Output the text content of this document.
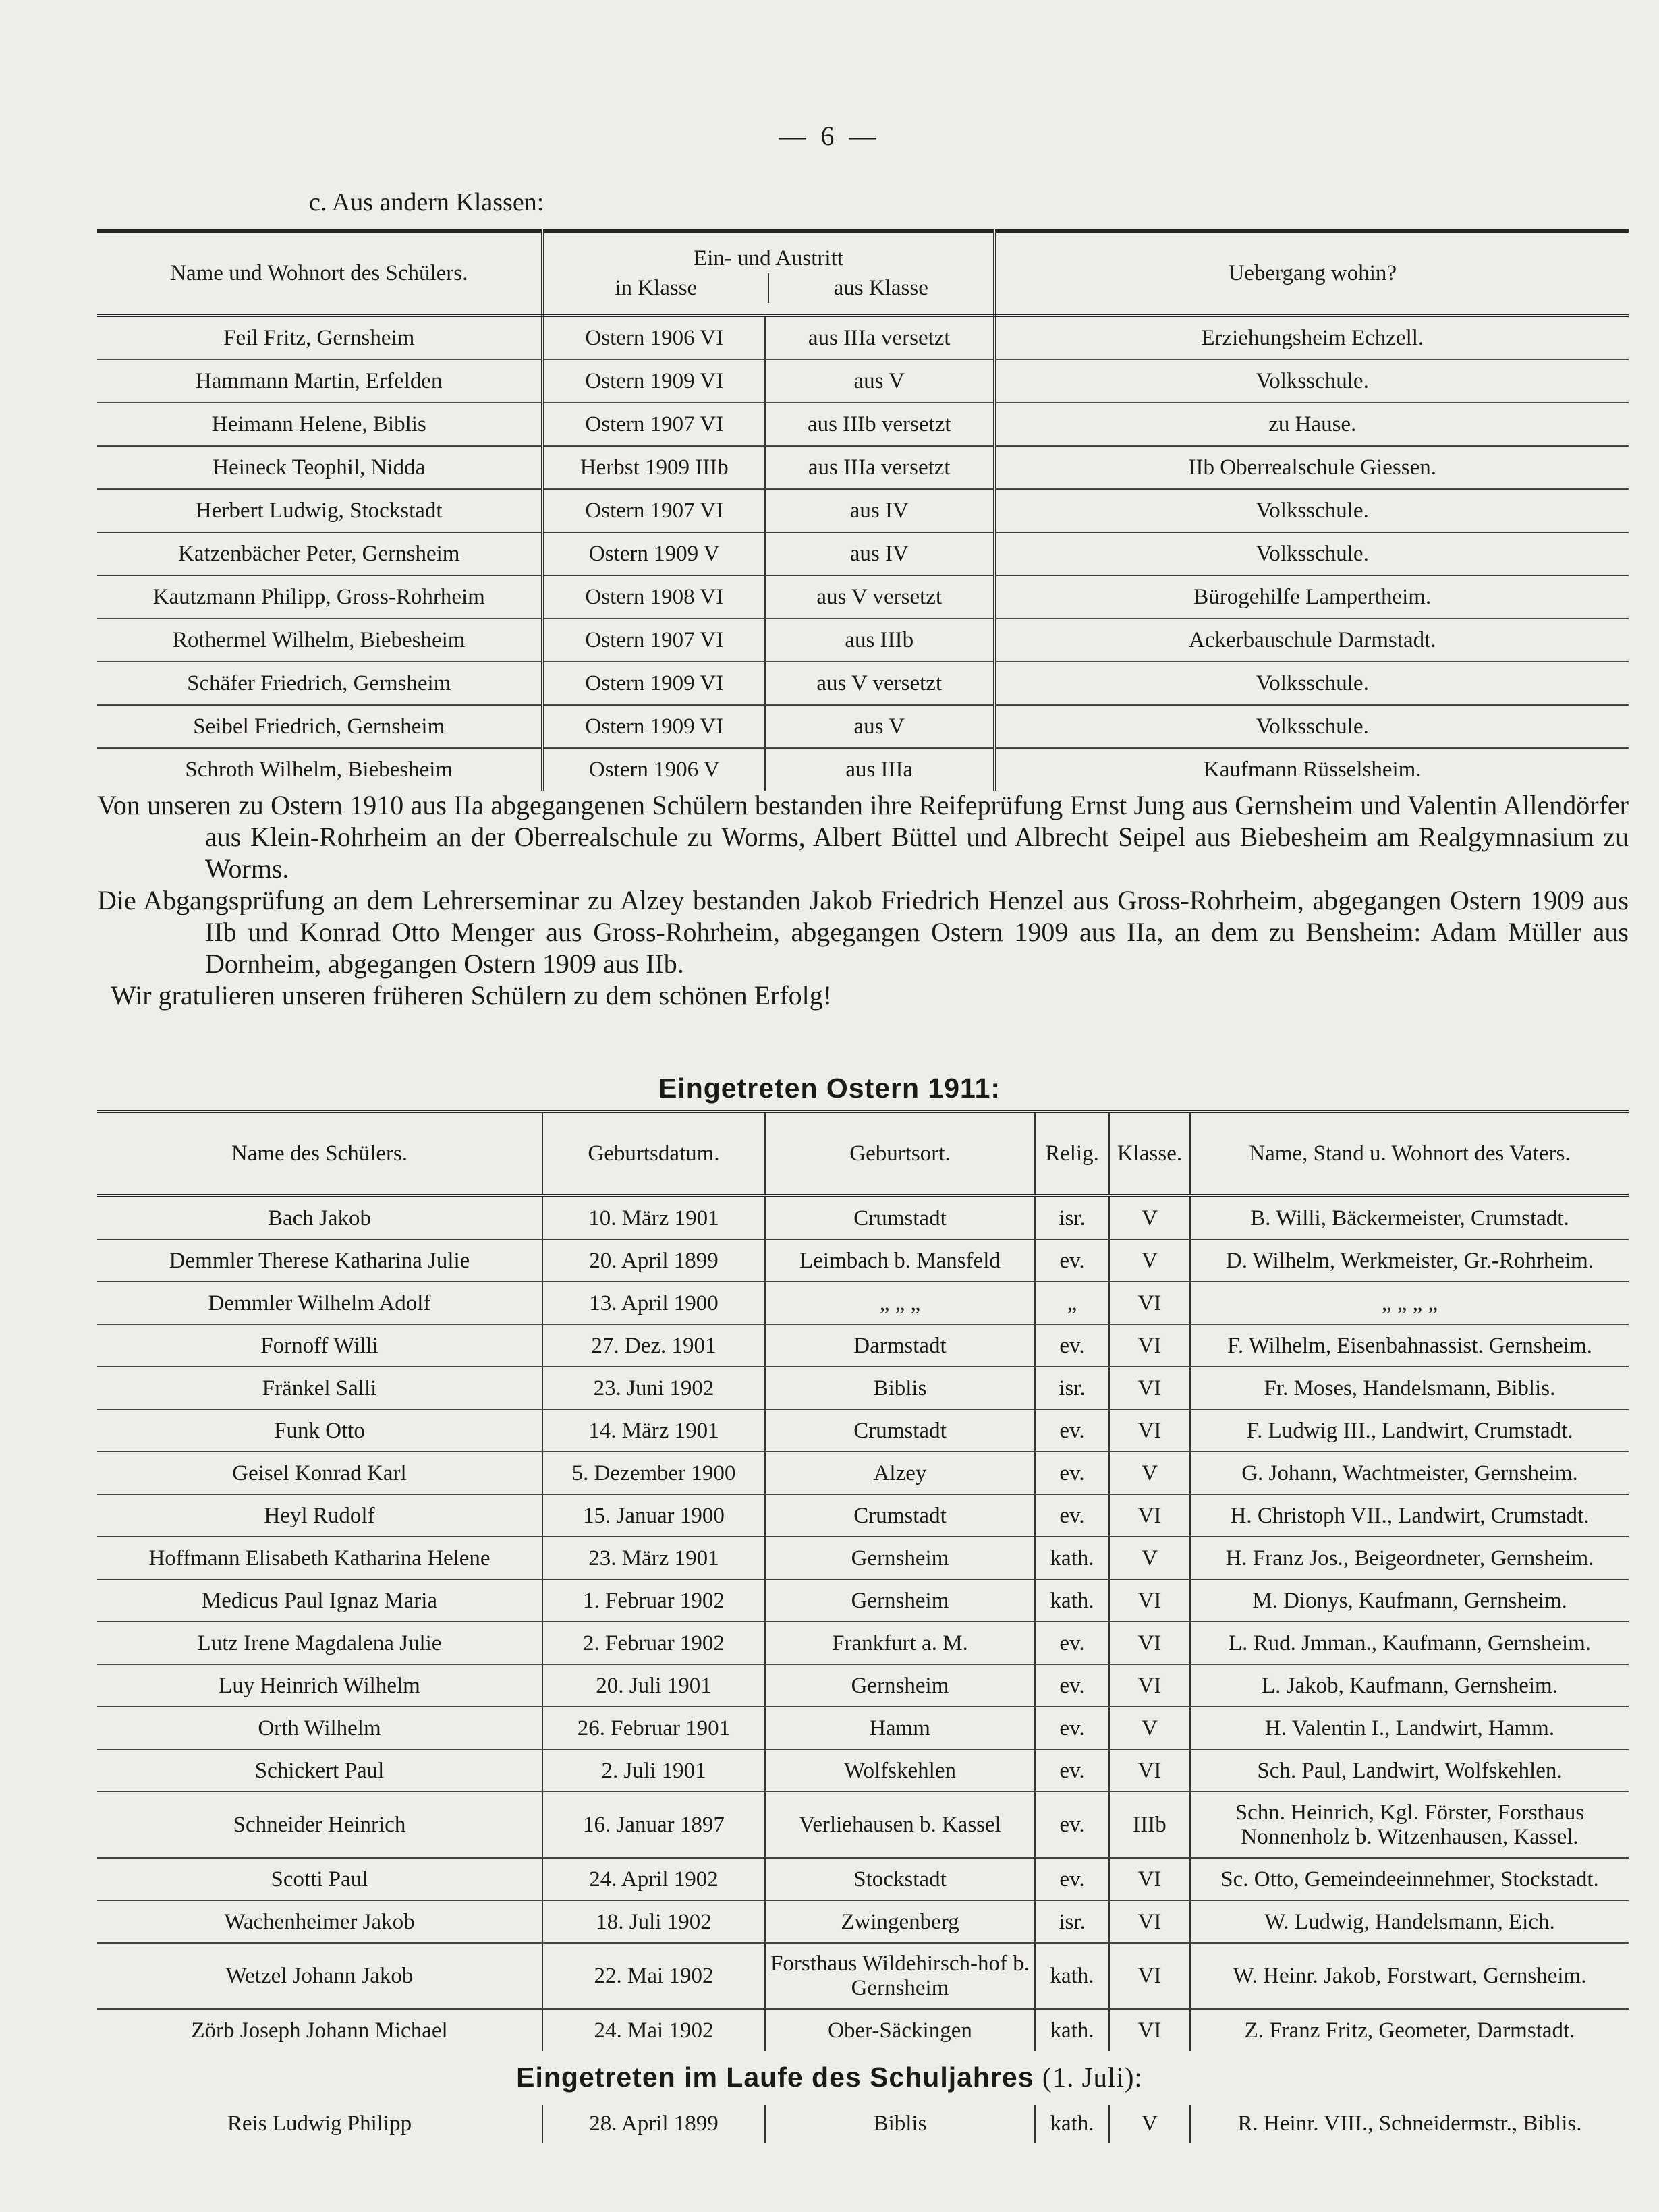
— 6 —
c. Aus andern Klassen:
Name und Wohnort des Schülers.	Ein- und Austritt
in Klasse aus Klasse		Uebergang wohin?
Feil Fritz, Gernsheim	Ostern 1906 VI	aus IIIa versetzt	Erziehungsheim Echzell.
Hammann Martin, Erfelden	Ostern 1909 VI	aus V	Volksschule.
Heimann Helene, Biblis	Ostern 1907 VI	aus IIIb versetzt	zu Hause.
Heineck Teophil, Nidda	Herbst 1909 IIIb	aus IIIa versetzt	IIb Oberrealschule Giessen.
Herbert Ludwig, Stockstadt	Ostern 1907 VI	aus IV	Volksschule.
Katzenbächer Peter, Gernsheim	Ostern 1909 V	aus IV	Volksschule.
Kautzmann Philipp, Gross-Rohrheim	Ostern 1908 VI	aus V versetzt	Bürogehilfe Lampertheim.
Rothermel Wilhelm, Biebesheim	Ostern 1907 VI	aus IIIb	Ackerbauschule Darmstadt.
Schäfer Friedrich, Gernsheim	Ostern 1909 VI	aus V versetzt	Volksschule.
Seibel Friedrich, Gernsheim	Ostern 1909 VI	aus V	Volksschule.
Schroth Wilhelm, Biebesheim	Ostern 1906 V	aus IIIa	Kaufmann Rüsselsheim.

Von unseren zu Ostern 1910 aus IIa abgegangenen Schülern bestanden ihre Reifeprüfung Ernst Jung aus Gernsheim und Valentin Allendörfer aus Klein-Rohrheim an der Oberrealschule zu Worms, Albert Büttel und Albrecht Seipel aus Biebesheim am Realgymnasium zu Worms.

Die Abgangsprüfung an dem Lehrerseminar zu Alzey bestanden Jakob Friedrich Henzel aus Gross-Rohrheim, abgegangen Ostern 1909 aus IIb und Konrad Otto Menger aus Gross-Rohrheim, abgegangen Ostern 1909 aus IIa, an dem zu Bensheim: Adam Müller aus Dornheim, abgegangen Ostern 1909 aus IIb.

Wir gratulieren unseren früheren Schülern zu dem schönen Erfolg!

Eingetreten Ostern 1911:
Name des Schülers.	Geburtsdatum.	Geburtsort.	Relig.	Klasse.	Name, Stand u. Wohnort des Vaters.
Bach Jakob	10. März 1901	Crumstadt	isr.	V	B. Willi, Bäckermeister, Crumstadt.
Demmler Therese Katharina Julie	20. April 1899	Leimbach b. Mansfeld	ev.	V	D. Wilhelm, Werkmeister, Gr.-Rohrheim.
Demmler Wilhelm Adolf	13. April 1900	„ „ „	„	VI	„ „ „ „
Fornoff Willi	27. Dez. 1901	Darmstadt	ev.	VI	F. Wilhelm, Eisenbahnassist. Gernsheim.
Fränkel Salli	23. Juni 1902	Biblis	isr.	VI	Fr. Moses, Handelsmann, Biblis.
Funk Otto	14. März 1901	Crumstadt	ev.	VI	F. Ludwig III., Landwirt, Crumstadt.
Geisel Konrad Karl	5. Dezember 1900	Alzey	ev.	V	G. Johann, Wachtmeister, Gernsheim.
Heyl Rudolf	15. Januar 1900	Crumstadt	ev.	VI	H. Christoph VII., Landwirt, Crumstadt.
Hoffmann Elisabeth Katharina Helene	23. März 1901	Gernsheim	kath.	V	H. Franz Jos., Beigeordneter, Gernsheim.
Medicus Paul Ignaz Maria	1. Februar 1902	Gernsheim	kath.	VI	M. Dionys, Kaufmann, Gernsheim.
Lutz Irene Magdalena Julie	2. Februar 1902	Frankfurt a. M.	ev.	VI	L. Rud. Jmman., Kaufmann, Gernsheim.
Luy Heinrich Wilhelm	20. Juli 1901	Gernsheim	ev.	VI	L. Jakob, Kaufmann, Gernsheim.
Orth Wilhelm	26. Februar 1901	Hamm	ev.	V	H. Valentin I., Landwirt, Hamm.
Schickert Paul	2. Juli 1901	Wolfskehlen	ev.	VI	Sch. Paul, Landwirt, Wolfskehlen.
Schneider Heinrich	16. Januar 1897	Verliehausen b. Kassel	ev.	IIIb	Schn. Heinrich, Kgl. Förster, Forsthaus Nonnenholz b. Witzenhausen, Kassel.
Scotti Paul	24. April 1902	Stockstadt	ev.	VI	Sc. Otto, Gemeindeeinnehmer, Stockstadt.
Wachenheimer Jakob	18. Juli 1902	Zwingenberg	isr.	VI	W. Ludwig, Handelsmann, Eich.
Wetzel Johann Jakob	22. Mai 1902	Forsthaus Wildehirsch-hof b. Gernsheim	kath.	VI	W. Heinr. Jakob, Forstwart, Gernsheim.
Zörb Joseph Johann Michael	24. Mai 1902	Ober-Säckingen	kath.	VI	Z. Franz Fritz, Geometer, Darmstadt.
Eingetreten im Laufe des Schuljahres (1. Juli):
Reis Ludwig Philipp	28. April 1899	Biblis	kath.	V	R. Heinr. VIII., Schneidermstr., Biblis.
